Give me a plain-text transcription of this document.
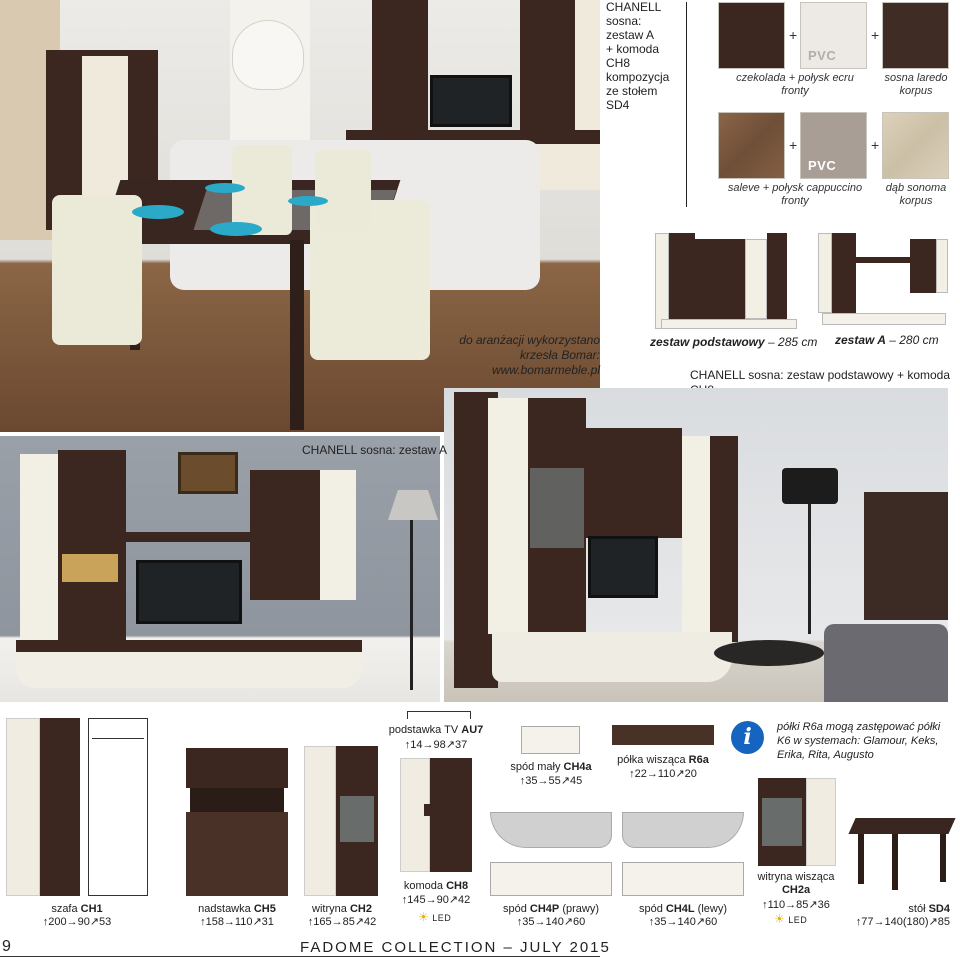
CHANELL
sosna:
zestaw A
+ komoda
CH8
kompozycja
ze stołem
SD4
+
PVC
+
czekolada + połysk ecru
fronty
sosna laredo
korpus
+
PVC
+
saleve + połysk cappuccino
fronty
dąb sonoma
korpus
zestaw podstawowy – 285 cm zestaw A – 280 cm
do aranżacji wykorzystano
krzesła Bomar:
www.bomarmeble.pl	CHANELL sosna: zestaw podstawowy + komoda
CHANELL sosna: zestaw A
szafa CH1
↑200→90↗53
nadstawka CH5
↑158→110↗31
witryna CH2
↑165→85↗42
podstawka TV AU7
↑14→98↗37
komoda CH8
↑145→90↗42
☀ LED
spód mały CH4a
↑35→55↗45
półka wisząca R6a
↑22→110↗20
i	półki R6a mogą zastępować półki K6 w systemach: Glamour, Keks, Erika, Rita, Augusto
spód CH4P (prawy)
↑35→140↗60
spód CH4L (lewy)
↑35→140↗60
witryna wisząca
CH2a
↑110→85↗36
☀ LED
stół SD4
↑77→140(180)↗85
9	FADOME COLLECTION – JULY 2015
